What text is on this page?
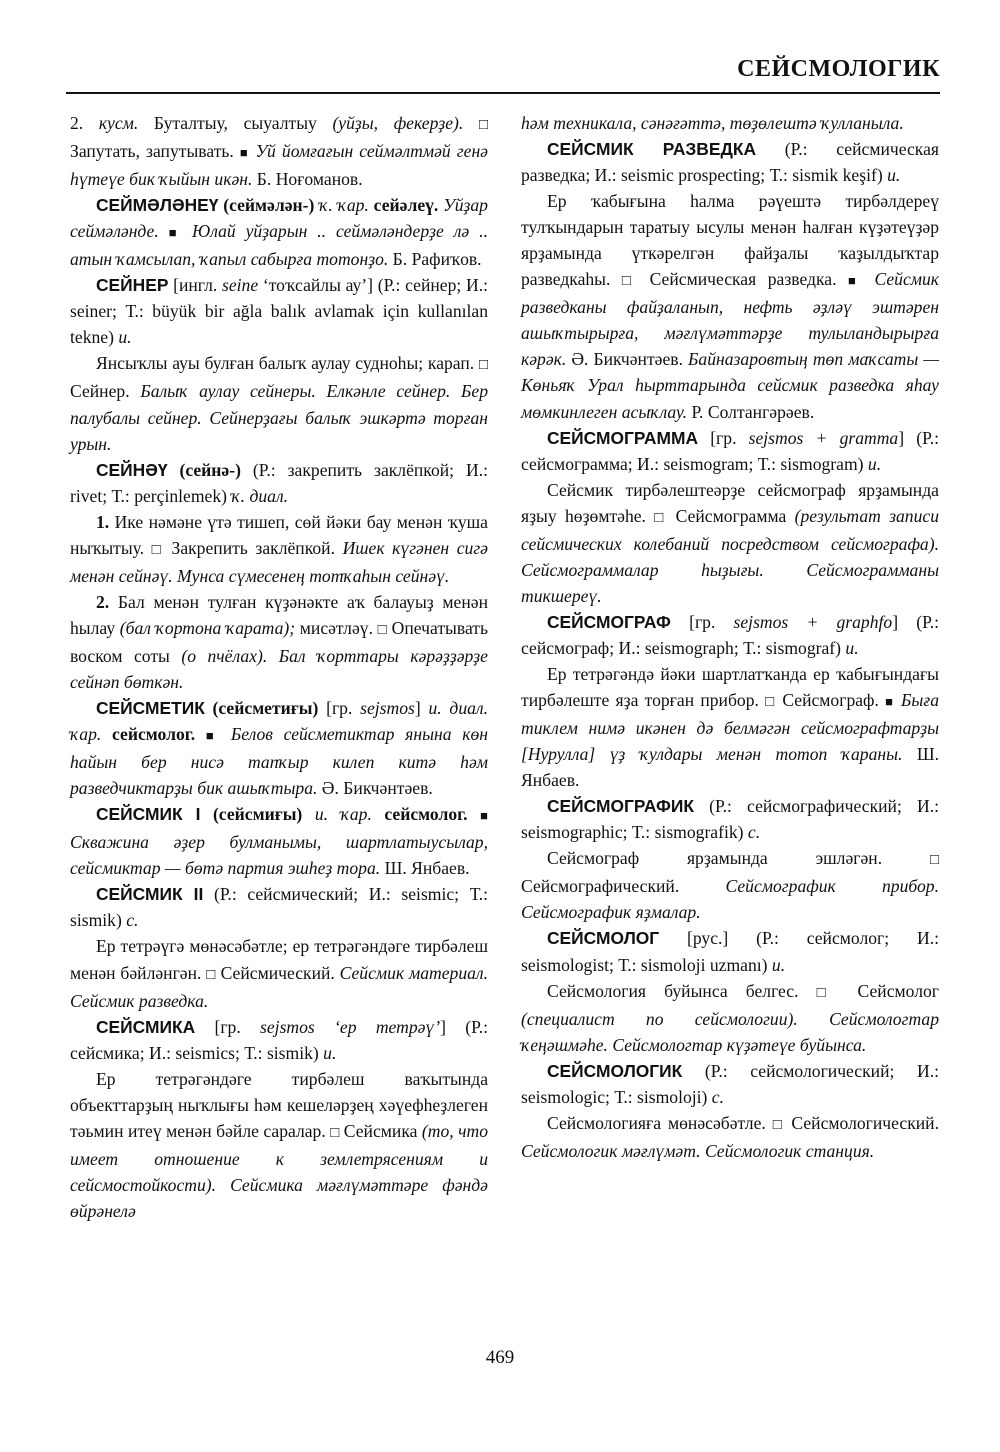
СЕЙСМОЛОГИК

2. кусм. Буталтыу, сыуалтыу (уйҙы, фекерҙе). □ Запутать, запутывать. ■ Уй йомғағын сеймәлтмәй генә һүтеүе бик ҡыйын икән. Б. Ноғоманов.

СЕЙМӘЛӘНЕҮ (сеймәлән-) ҡ. ҡар. сейәлеү. Уйҙар сеймәләнде. ■ Юлай уйҙарын .. сеймәләндерҙе лә .. атын ҡамсылап, ҡапыл сабырға тотонҙо. Б. Рафиҡов.

СЕЙНЕР [ингл. seine ‘тоҡсайлы ау’] (Р.: сейнер; И.: seiner; Т.: büyük bir ağla balık avlamak için kullanılan tekne) и.

Янсыҡлы ауы булған балыҡ аулау судноһы; карап. □ Сейнер. Балыҡ аулау сейнеры. Елкәнле сейнер. Бер палубалы сейнер. Сейнерҙағы балыҡ эшкәртә торған урын.

СЕЙНӘҮ (сейнә-) (Р.: закрепить заклёпкой; И.: rivet; Т.: perçinlemek) ҡ. диал.

1. Ике нәмәне үтә тишеп, сөй йәки бау менән ҡуша ныҡытыу. □ Закрепить заклёпкой. Ишек күгәнен сигә менән сейнәү. Мунса сүмесенең тотҡаһын сейнәү.

2. Бал менән тулған күҙәнәкте аҡ балауыҙ менән һылау (бал ҡортона ҡарата); мисәтләү. □ Опечатывать воском соты (о пчёлах). Бал ҡорттары кәрәҙҙәрҙе сейнәп бөткән.

СЕЙСМЕТИК (сейсметиғы) [гр. sejsmos] и. диал. ҡар. сейсмолог. ■ Белов сейсметиктар янына көн һайын бер нисә тапҡыр килеп китә һәм разведчиктарҙы бик ашыҡтыра. Ә. Бикчәнтәев.

СЕЙСМИК I (сейсмиғы) и. ҡар. сейсмолог. ■ Скважина әҙер булманымы, шартлатыусылар, сейсмиктар — бөтә партия эшһеҙ тора. Ш. Янбаев.

СЕЙСМИК II (Р.: сейсмический; И.: seismic; Т.: sismik) с.

Ер тетрәүгә мөнәсәбәтле; ер тетрәгәндәге тирбәлеш менән бәйләнгән. □ Сейсмический. Сейсмик материал. Сейсмик разведка.

СЕЙСМИКА [гр. sejsmos ‘ер тетрәү’] (Р.: сейсмика; И.: seismics; Т.: sismik) и.

Ер тетрәгәндәге тирбәлеш ваҡытында объекттарҙың ныҡлығы һәм кешеләрҙең хәүефһеҙлеген тәьмин итеү менән бәйле саралар. □ Сейсмика (то, что имеет отношение к землетрясениям и сейсмостойкости). Сейсмика мәғлүмәттәре фәндә өйрәнелә

һәм техникала, сәнәғәттә, төҙөлештә ҡулланыла.

СЕЙСМИК РАЗВЕДКА (Р.: сейсмическая разведка; И.: seismic prospecting; Т.: sismik keşif) и.

Ер ҡабығына һалма рәүештә тирбәлдереү тулҡындарын таратыу ысулы менән һалған күҙәтеүҙәр ярҙамында үткәрелгән файҙалы ҡаҙылдыҡтар разведкаһы. □ Сейсмическая разведка. ■ Сейсмик разведканы файҙаланып, нефть әҙләү эштәрен ашыҡтырырға, мәғлүмәттәрҙе тулыландырырға кәрәк. Ә. Бикчәнтәев. Байназаровтың төп маҡсаты — Көньяҡ Урал һырттарында сейсмик разведка яһау мөмкинлеген асыҡлау. Р. Солтангәрәев.

СЕЙСМОГРАММА [гр. sejsmos + gramma] (Р.: сейсмограмма; И.: seismogram; Т.: sismogram) и.

Сейсмик тирбәлештеәрҙе сейсмограф ярҙамында яҙыу һөҙөмтәһе. □ Сейсмограмма (результат записи сейсмических колебаний посредством сейсмографа). Сейсмограммалар һыҙығы. Сейсмограмманы тикшереү.

СЕЙСМОГРАФ [гр. sejsmos + graphfo] (Р.: сейсмограф; И.: seismograph; Т.: sismograf) и.

Ер тетрәгәндә йәки шартлатҡанда ер ҡабығындағы тирбәлеште яҙа торған прибор. □ Сейсмограф. ■ Быға тиклем нимә икәнен дә белмәгән сейсмографтарҙы [Нурулла] үҙ ҡулдары менән тотоп ҡараны. Ш. Янбаев.

СЕЙСМОГРАФИК (Р.: сейсмографический; И.: seismographic; Т.: sismografik) с.

Сейсмограф ярҙамында эшләгән. □ Сейсмографический. Сейсмографик прибор. Сейсмографик яҙмалар.

СЕЙСМОЛОГ [рус.] (Р.: сейсмолог; И.: seismologist; Т.: sismoloji uzmanı) и.

Сейсмология буйынса белгес. □ Сейсмолог (специалист по сейсмологии). Сейсмологтар ҡеңәшмәһе. Сейсмологтар күҙәтеүе буйынса.

СЕЙСМОЛОГИК (Р.: сейсмологический; И.: seismologic; Т.: sismoloji) с.

Сейсмологияға мөнәсәбәтле. □ Сейсмологический. Сейсмологик мәғлүмәт. Сейсмологик станция.

469
